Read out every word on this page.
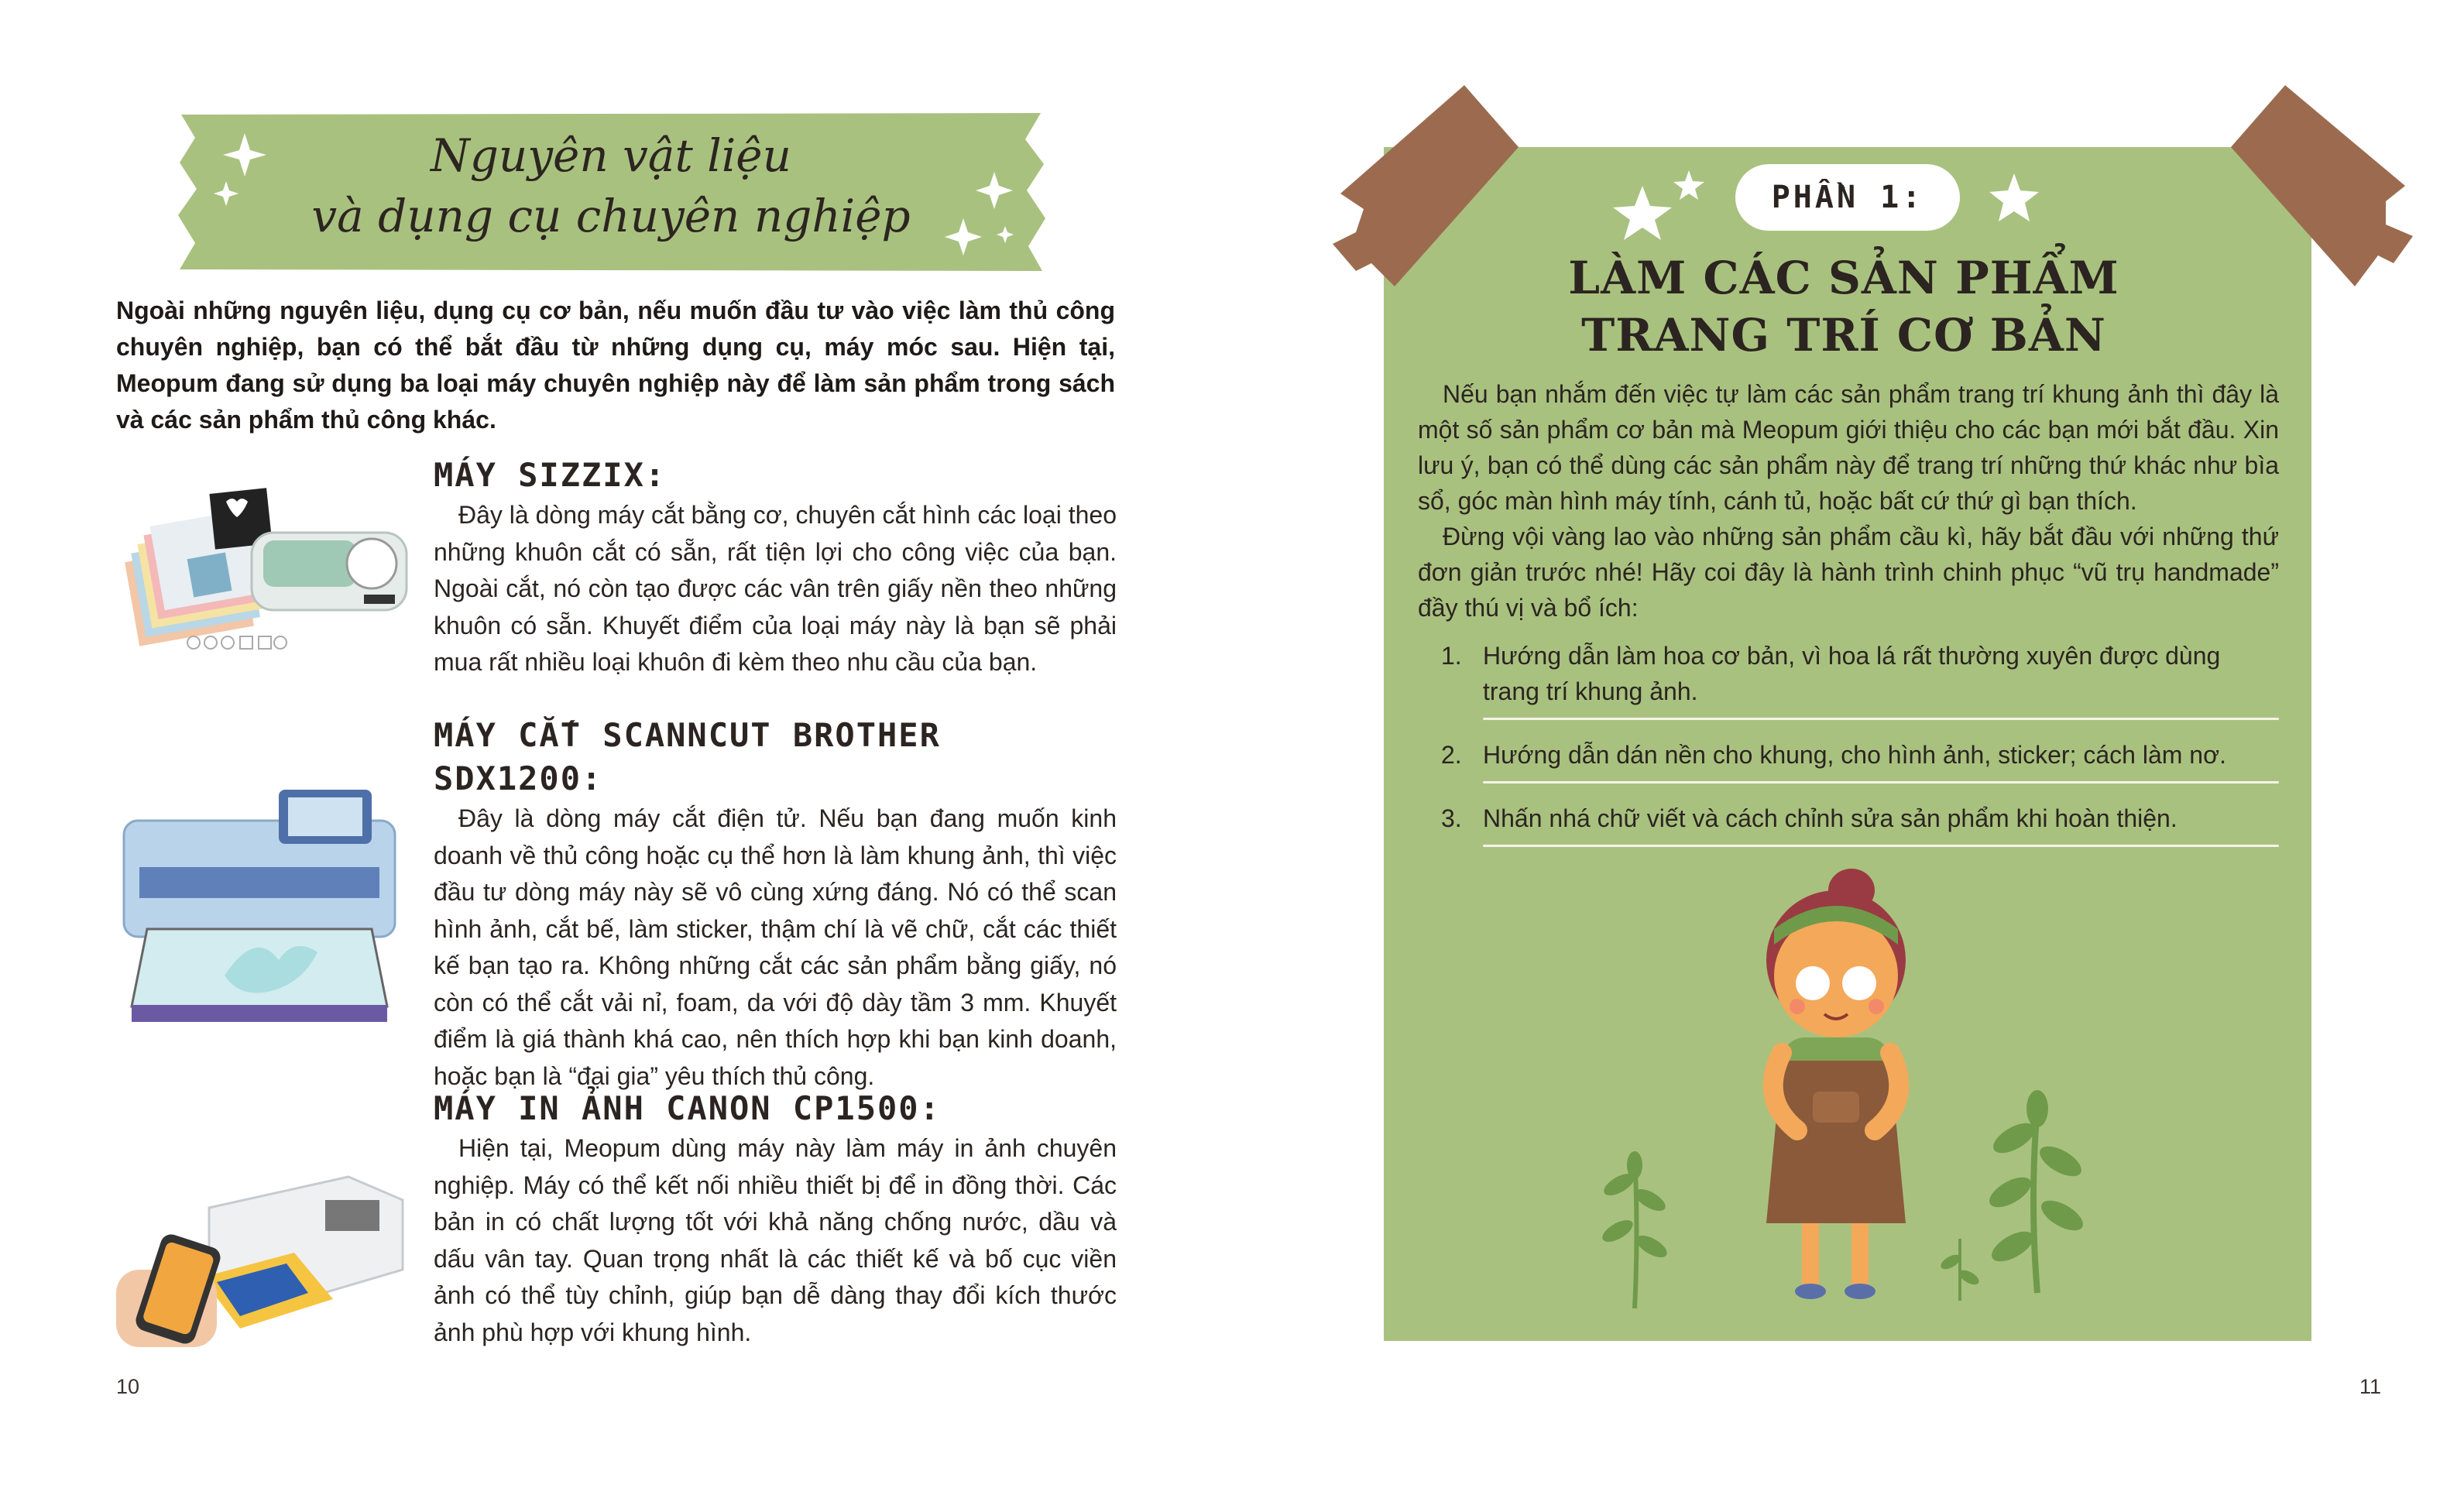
Nguyên vật liệu
và dụng cụ chuyên nghiệp
Ngoài những nguyên liệu, dụng cụ cơ bản, nếu muốn đầu tư vào việc làm thủ công chuyên nghiệp, bạn có thể bắt đầu từ những dụng cụ, máy móc sau. Hiện tại, Meopum đang sử dụng ba loại máy chuyên nghiệp này để làm sản phẩm trong sách và các sản phẩm thủ công khác.
MÁY SIZZIX:
Đây là dòng máy cắt bằng cơ, chuyên cắt hình các loại theo những khuôn cắt có sẵn, rất tiện lợi cho công việc của bạn. Ngoài cắt, nó còn tạo được các vân trên giấy nền theo những khuôn có sẵn. Khuyết điểm của loại máy này là bạn sẽ phải mua rất nhiều loại khuôn đi kèm theo nhu cầu của bạn.
MÁY CẮT SCANNCUT BROTHER SDX1200:
Đây là dòng máy cắt điện tử. Nếu bạn đang muốn kinh doanh về thủ công hoặc cụ thể hơn là làm khung ảnh, thì việc đầu tư dòng máy này sẽ vô cùng xứng đáng. Nó có thể scan hình ảnh, cắt bế, làm sticker, thậm chí là vẽ chữ, cắt các thiết kế bạn tạo ra. Không những cắt các sản phẩm bằng giấy, nó còn có thể cắt vải nỉ, foam, da với độ dày tầm 3 mm. Khuyết điểm là giá thành khá cao, nên thích hợp khi bạn kinh doanh, hoặc bạn là “đại gia” yêu thích thủ công.
MÁY IN ẢNH CANON CP1500:
Hiện tại, Meopum dùng máy này làm máy in ảnh chuyên nghiệp. Máy có thể kết nối nhiều thiết bị để in đồng thời. Các bản in có chất lượng tốt với khả năng chống nước, dầu và dấu vân tay. Quan trọng nhất là các thiết kế và bố cục viền ảnh có thể tùy chỉnh, giúp bạn dễ dàng thay đổi kích thước ảnh phù hợp với khung hình.
10
PHẦN 1:
LÀM CÁC SẢN PHẨM
TRANG TRÍ CƠ BẢN

Nếu bạn nhắm đến việc tự làm các sản phẩm trang trí khung ảnh thì đây là một số sản phẩm cơ bản mà Meopum giới thiệu cho các bạn mới bắt đầu. Xin lưu ý, bạn có thể dùng các sản phẩm này để trang trí những thứ khác như bìa sổ, góc màn hình máy tính, cánh tủ, hoặc bất cứ thứ gì bạn thích.

Đừng vội vàng lao vào những sản phẩm cầu kì, hãy bắt đầu với những thứ đơn giản trước nhé! Hãy coi đây là hành trình chinh phục “vũ trụ handmade” đầy thú vị và bổ ích:

1. Hướng dẫn làm hoa cơ bản, vì hoa lá rất thường xuyên được dùng trang trí khung ảnh.
2. Hướng dẫn dán nền cho khung, cho hình ảnh, sticker; cách làm nơ.
3. Nhấn nhá chữ viết và cách chỉnh sửa sản phẩm khi hoàn thiện.
11
